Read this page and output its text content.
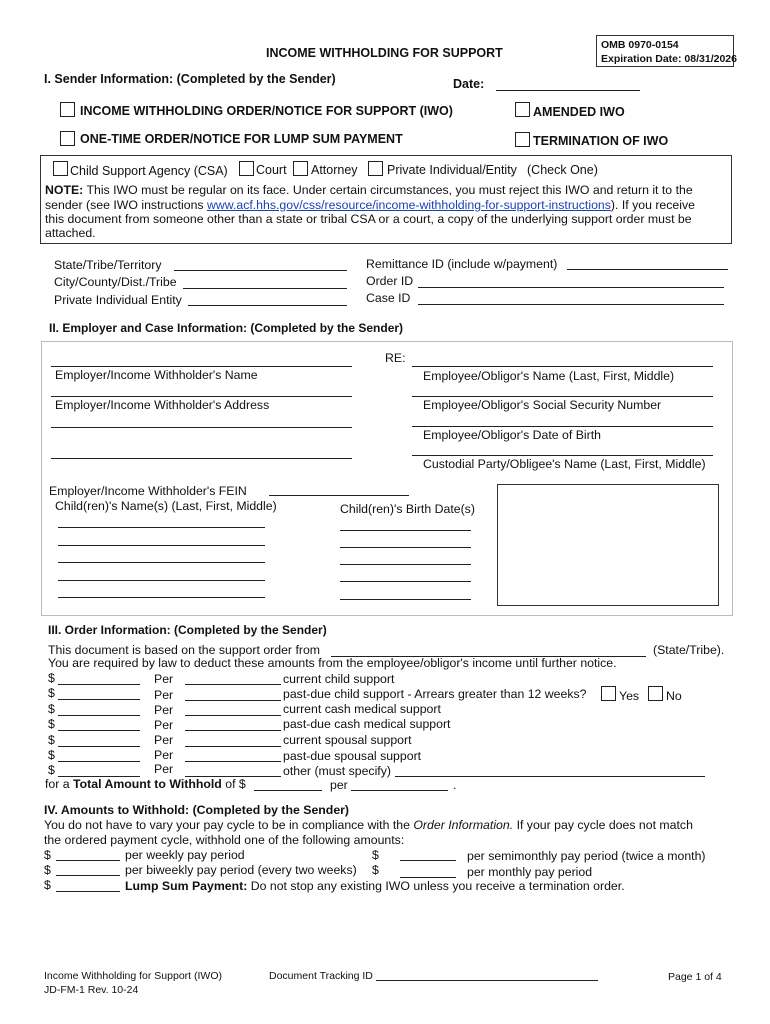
OMB 0970-0154
Expiration Date: 08/31/2026
INCOME WITHHOLDING FOR SUPPORT
I. Sender Information: (Completed by the Sender)	Date:
INCOME WITHHOLDING ORDER/NOTICE FOR SUPPORT (IWO)	AMENDED IWO
ONE-TIME ORDER/NOTICE FOR LUMP SUM PAYMENT	TERMINATION OF IWO
Child Support Agency (CSA) Court Attorney Private Individual/Entity (Check One)
NOTE: This IWO must be regular on its face. Under certain circumstances, you must reject this IWO and return it to the
sender (see IWO instructions www.acf.hhs.gov/css/resource/income-withholding-for-support-instructions). If you receive
this document from someone other than a state or tribal CSA or a court, a copy of the underlying support order must be
attached.
State/Tribe/Territory
City/County/Dist./Tribe
Private Individual Entity
Remittance ID (include w/payment)
Order ID
Case ID
II. Employer and Case Information: (Completed by the Sender)
Employer/Income Withholder's Name
Employer/Income Withholder's Address
RE:
Employee/Obligor's Name (Last, First, Middle)
Employee/Obligor's Social Security Number
Employee/Obligor's Date of Birth
Custodial Party/Obligee's Name (Last, First, Middle)
Employer/Income Withholder's FEIN
Child(ren)'s Name(s) (Last, First, Middle)	Child(ren)'s Birth Date(s)
III. Order Information: (Completed by the Sender)
This document is based on the support order from	(State/Tribe).
You are required by law to deduct these amounts from the employee/obligor's income until further notice.
$	Per	current child support
$	Per	past-due child support - Arrears greater than 12 weeks?	Yes No
$	Per	current cash medical support
$	Per	past-due cash medical support
$	Per	current spousal support
$	Per	past-due spousal support
$	Per	other (must specify)
for a Total Amount to Withhold of $	per	.
IV. Amounts to Withhold: (Completed by the Sender)
You do not have to vary your pay cycle to be in compliance with the Order Information. If your pay cycle does not match
the ordered payment cycle, withhold one of the following amounts:
$	per weekly pay period	$	per semimonthly pay period (twice a month)
$	per biweekly pay period (every two weeks) $	per monthly pay period
$	Lump Sum Payment: Do not stop any existing IWO unless you receive a termination order.
Income Withholding for Support (IWO)
JD-FM-1 Rev. 10-24
Document Tracking ID	Page 1 of 4
